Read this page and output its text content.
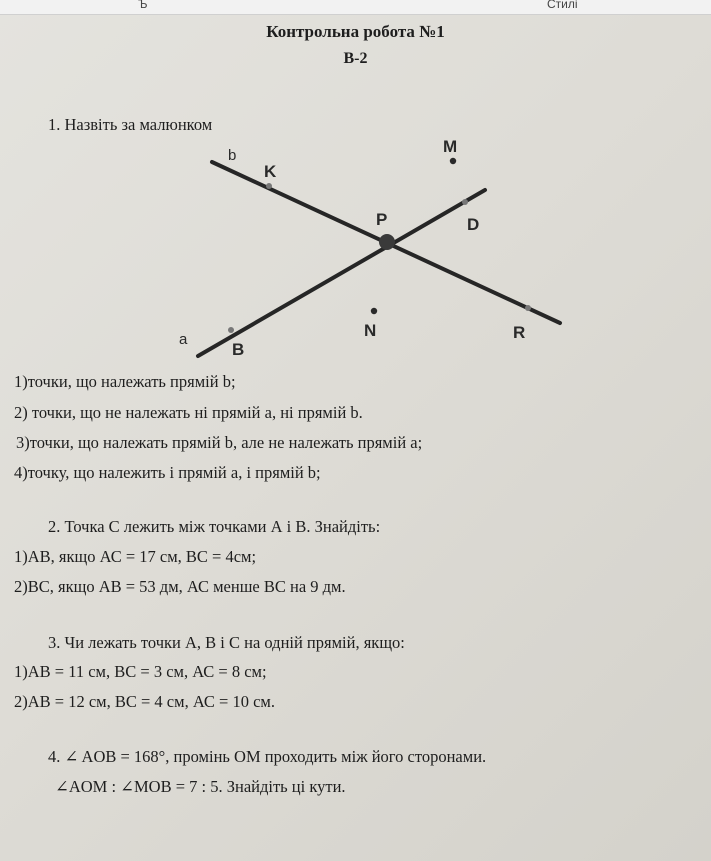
Ъ	Стилі
Контрольна робота №1
В-2
1. Назвіть за малюнком
b
K
M
P	D
a
B
N	R
1)точки, що належать прямій b;
2) точки, що не належать ні прямій a, ні прямій b.
3)точки, що належать прямій b, але не належать прямій a;
4)точку, що належить і прямій a, і прямій b;
2. Точка С лежить між точками А і В. Знайдіть:
1)АВ, якщо АС = 17 см, ВС = 4см;
2)ВС, якщо АВ = 53 дм, АС менше ВС на 9 дм.
3. Чи лежать точки А, В і С на одній прямій, якщо:
1)АВ = 11 см, ВС = 3 см, АС = 8 см;
2)АВ = 12 см, ВС = 4 см, АС = 10 см.
4. ∠ AOB = 168°, промінь ОМ проходить між його сторонами.
∠AOM : ∠MOB = 7 : 5. Знайдіть ці кути.
